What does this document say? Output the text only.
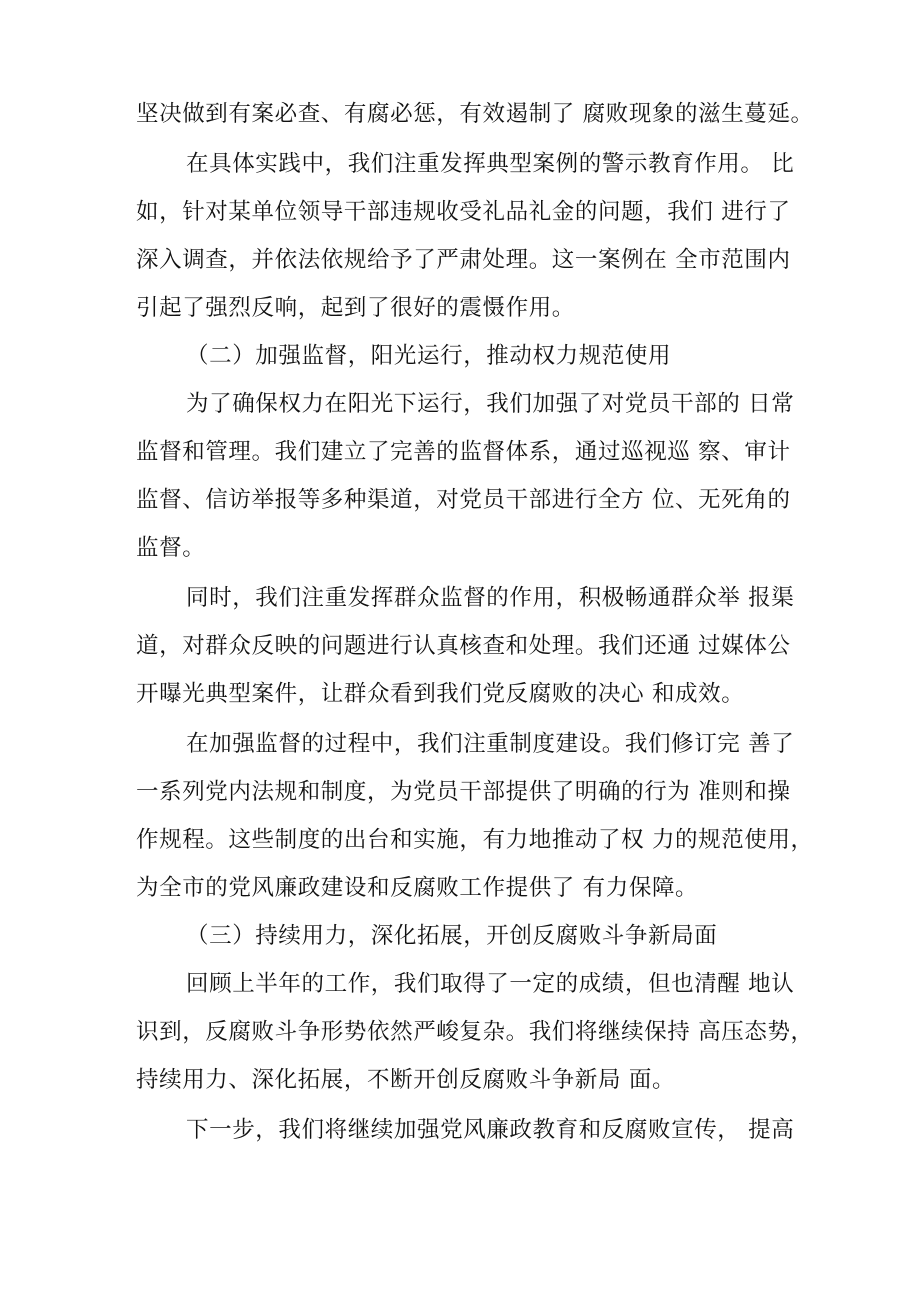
坚决做到有案必查、有腐必惩，有效遏制了 腐败现象的滋生蔓延。
在具体实践中，我们注重发挥典型案例的警示教育作用。 比
如，针对某单位领导干部违规收受礼品礼金的问题，我们 进行了
深入调查，并依法依规给予了严肃处理。这一案例在 全市范围内
引起了强烈反响，起到了很好的震慑作用。
（二）加强监督，阳光运行，推动权力规范使用
为了确保权力在阳光下运行，我们加强了对党员干部的 日常
监督和管理。我们建立了完善的监督体系，通过巡视巡 察、审计
监督、信访举报等多种渠道，对党员干部进行全方 位、无死角的
监督。
同时，我们注重发挥群众监督的作用，积极畅通群众举 报渠
道，对群众反映的问题进行认真核查和处理。我们还通 过媒体公
开曝光典型案件，让群众看到我们党反腐败的决心 和成效。
在加强监督的过程中，我们注重制度建设。我们修订完 善了
一系列党内法规和制度，为党员干部提供了明确的行为 准则和操
作规程。这些制度的出台和实施，有力地推动了权 力的规范使用，
为全市的党风廉政建设和反腐败工作提供了 有力保障。
（三）持续用力，深化拓展，开创反腐败斗争新局面
回顾上半年的工作，我们取得了一定的成绩，但也清醒 地认
识到，反腐败斗争形势依然严峻复杂。我们将继续保持 高压态势，
持续用力、深化拓展，不断开创反腐败斗争新局 面。
下一步，我们将继续加强党风廉政教育和反腐败宣传， 提高
